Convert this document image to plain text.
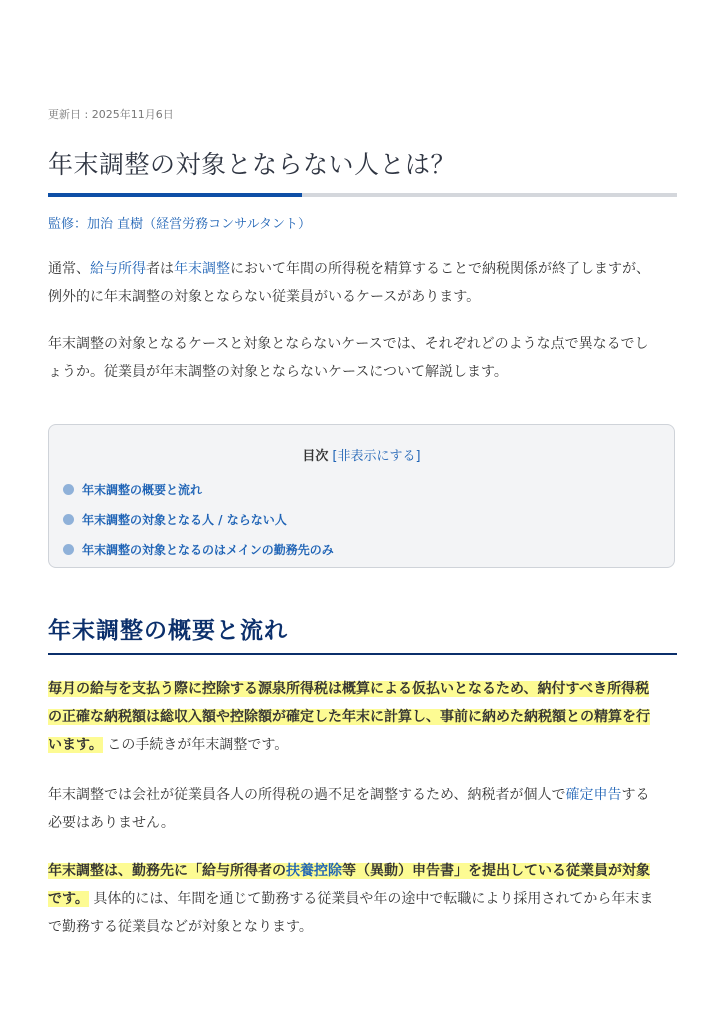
更新日 : 2025年11月6日
年末調整の対象とならない人とは？
監修：加治 直樹（経営労務コンサルタント）

通常、給与所得者は年末調整において年間の所得税を精算することで納税関係が終了しますが、
例外的に年末調整の対象とならない従業員がいるケースがあります。

年末調整の対象となるケースと対象とならないケースでは、それぞれどのような点で異なるでし
ょうか。従業員が年末調整の対象とならないケースについて解説します。

目次 [非表示にする]
年末調整の概要と流れ
年末調整の対象となる人 / ならない人
年末調整の対象となるのはメインの勤務先のみ
年末調整の概要と流れ

毎月の給与を支払う際に控除する源泉所得税は概算による仮払いとなるため、納付すべき所得税
の正確な納税額は総収入額や控除額が確定した年末に計算し、事前に納めた納税額との精算を行
います。 この手続きが年末調整です。

年末調整では会社が従業員各人の所得税の過不足を調整するため、納税者が個人で確定申告する
必要はありません。

年末調整は、勤務先に「給与所得者の扶養控除等（異動）申告書」を提出している従業員が対象
です。 具体的には、年間を通じて勤務する従業員や年の途中で転職により採用されてから年末ま
で勤務する従業員などが対象となります。
